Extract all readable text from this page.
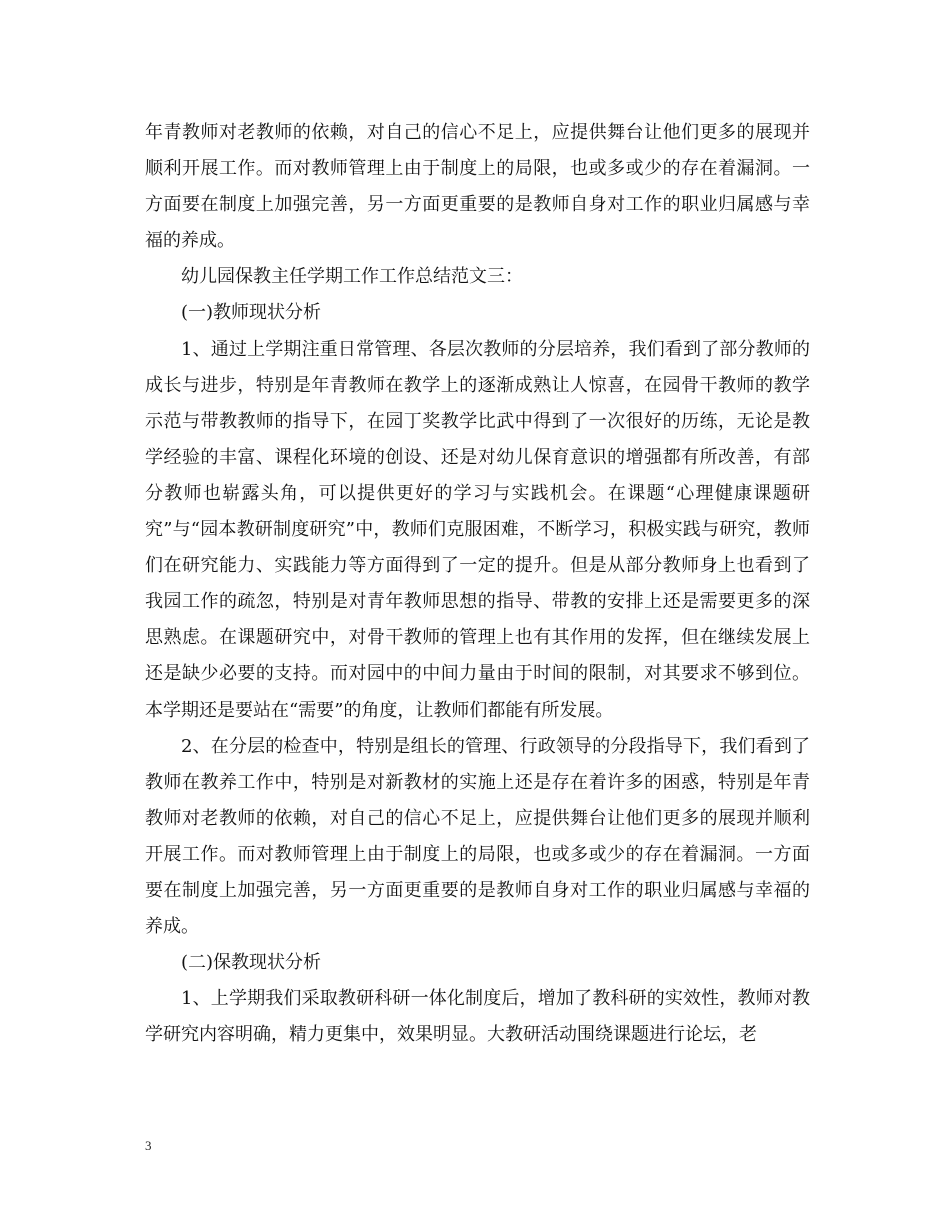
年青教师对老教师的依赖，对自己的信心不足上，应提供舞台让他们更多的展现并顺利开展工作。而对教师管理上由于制度上的局限，也或多或少的存在着漏洞。一方面要在制度上加强完善，另一方面更重要的是教师自身对工作的职业归属感与幸福的养成。

幼儿园保教主任学期工作工作总结范文三：

(一)教师现状分析

1、通过上学期注重日常管理、各层次教师的分层培养，我们看到了部分教师的成长与进步，特别是年青教师在教学上的逐渐成熟让人惊喜，在园骨干教师的教学示范与带教教师的指导下，在园丁奖教学比武中得到了一次很好的历练，无论是教学经验的丰富、课程化环境的创设、还是对幼儿保育意识的增强都有所改善，有部分教师也崭露头角，可以提供更好的学习与实践机会。在课题“心理健康课题研究”与“园本教研制度研究”中，教师们克服困难，不断学习，积极实践与研究，教师们在研究能力、实践能力等方面得到了一定的提升。但是从部分教师身上也看到了我园工作的疏忽，特别是对青年教师思想的指导、带教的安排上还是需要更多的深思熟虑。在课题研究中，对骨干教师的管理上也有其作用的发挥，但在继续发展上还是缺少必要的支持。而对园中的中间力量由于时间的限制，对其要求不够到位。本学期还是要站在“需要”的角度，让教师们都能有所发展。

2、在分层的检查中，特别是组长的管理、行政领导的分段指导下，我们看到了教师在教养工作中，特别是对新教材的实施上还是存在着许多的困惑，特别是年青教师对老教师的依赖，对自己的信心不足上，应提供舞台让他们更多的展现并顺利开展工作。而对教师管理上由于制度上的局限，也或多或少的存在着漏洞。一方面要在制度上加强完善，另一方面更重要的是教师自身对工作的职业归属感与幸福的养成。

(二)保教现状分析

1、上学期我们采取教研科研一体化制度后，增加了教科研的实效性，教师对教学研究内容明确，精力更集中，效果明显。大教研活动围绕课题进行论坛，老

3
